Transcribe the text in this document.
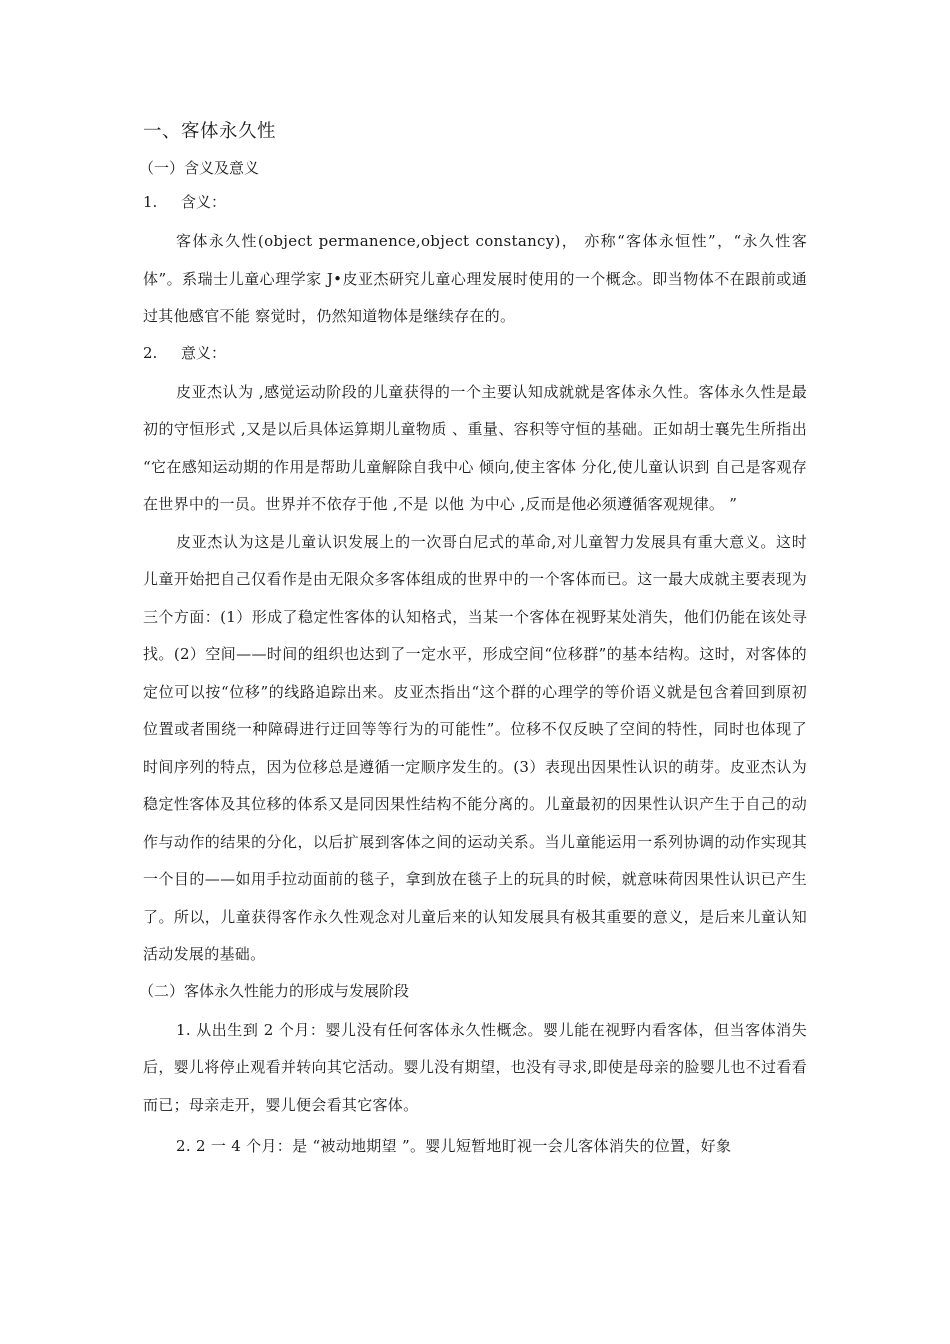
一、客体永久性
（一）含义及意义
1. 含义：

客体永久性(object permanence,object constancy)， 亦称“客体永恒性”，“永久性客体”。系瑞士儿童心理学家 J•皮亚杰研究儿童心理发展时使用的一个概念。即当物体不在跟前或通过其他感官不能 察觉时，仍然知道物体是继续存在的。

2. 意义：

皮亚杰认为 ,感觉运动阶段的儿童获得的一个主要认知成就就是客体永久性。客体永久性是最初的守恒形式 ,又是以后具体运算期儿童物质 、重量、容积等守恒的基础。正如胡士襄先生所指出 “它在感知运动期的作用是帮助儿童解除自我中心 倾向,使主客体 分化,使儿童认识到 自己是客观存在世界中的一员。世界并不依存于他 ,不是 以他 为中心 ,反而是他必须遵循客观规律。 ”

皮亚杰认为这是儿童认识发展上的一次哥白尼式的革命,对儿童智力发展具有重大意义。这时儿童开始把自己仅看作是由无限众多客体组成的世界中的一个客体而已。这一最大成就主要表现为三个方面：(1）形成了稳定性客体的认知格式，当某一个客体在视野某处消失，他们仍能在该处寻找。(2）空间——时间的组织也达到了一定水平，形成空间“位移群”的基本结构。这时，对客体的定位可以按“位移”的线路追踪出来。皮亚杰指出“这个群的心理学的等价语义就是包含着回到原初位置或者围绕一种障碍进行迂回等等行为的可能性”。位移不仅反映了空间的特性，同时也体现了时间序列的特点，因为位移总是遵循一定顺序发生的。(3）表现出因果性认识的萌芽。皮亚杰认为稳定性客体及其位移的体系又是同因果性结构不能分离的。儿童最初的因果性认识产生于自己的动作与动作的结果的分化，以后扩展到客体之间的运动关系。当儿童能运用一系列协调的动作实现其一个目的——如用手拉动面前的毯子，拿到放在毯子上的玩具的时候，就意味荷因果性认识已产生了。所以，儿童获得客作永久性观念对儿童后来的认知发展具有极其重要的意义，是后来儿童认知活动发展的基础。

（二）客体永久性能力的形成与发展阶段

1. 从出生到 2 个月：婴儿没有任何客体永久性概念。婴儿能在视野内看客体，但当客体消失后，婴儿将停止观看并转向其它活动。婴儿没有期望，也没有寻求,即使是母亲的脸婴儿也不过看看而已；母亲走开，婴儿便会看其它客体。

2. 2 一 4 个月：是 “被动地期望 ”。婴儿短暂地盯视一会儿客体消失的位置，好象
